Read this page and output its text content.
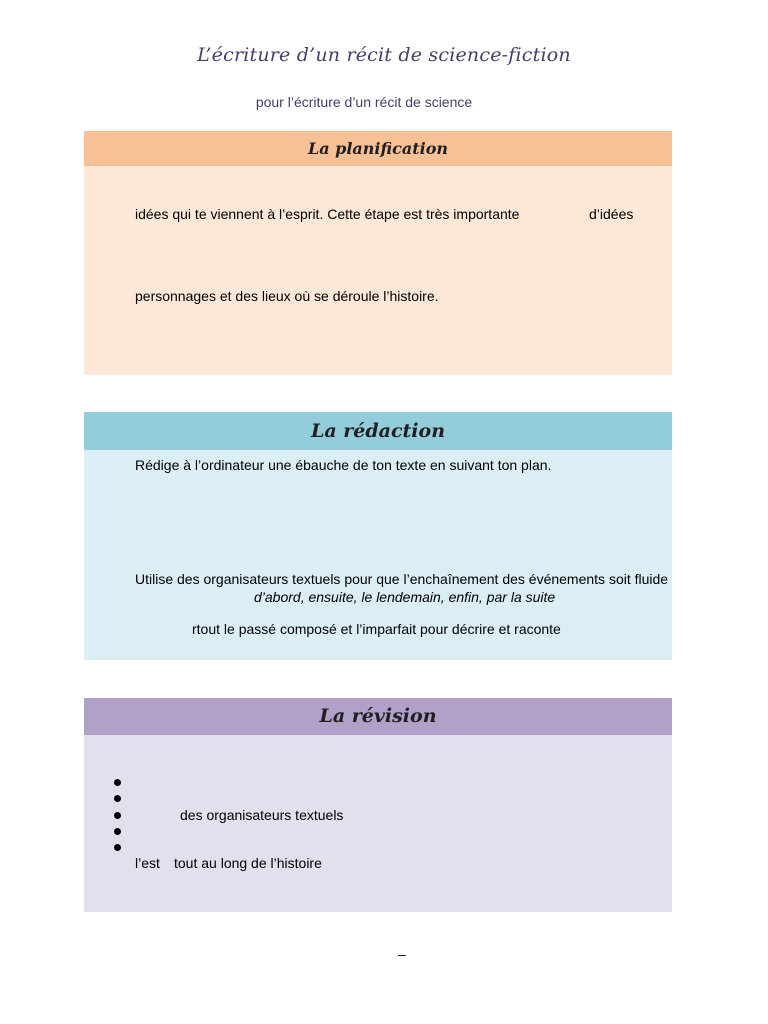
L’écriture d’un récit de science-fiction
pour l’écriture d’un récit de science
La planification
idées qui te viennent à l’esprit. Cette étape est très importante	d’idées
personnages et des lieux où se déroule l’histoire.
La rédaction
Rédige à l’ordinateur une ébauche de ton texte en suivant ton plan.
Utilise des organisateurs textuels pour que l’enchaînement des événements soit fluide
d’abord, ensuite, le lendemain, enfin, par la suite
rtout le passé composé et l’imparfait pour décrire et raconte
La révision
des organisateurs textuels
l’est tout au long de l’histoire
–
